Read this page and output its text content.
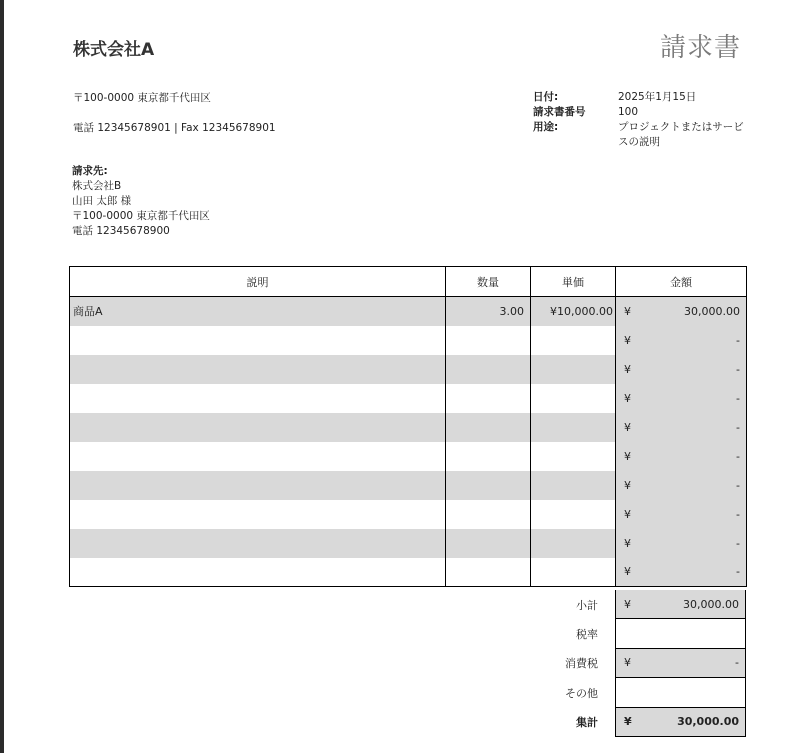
株式会社A	請求書
〒100-0000 東京都千代田区
電話 12345678901 | Fax 12345678901
日付:	2025年1月15日
請求書番号	100
用途:	プロジェクトまたはサービスの説明
請求先:
株式会社B
山田 太郎 様
〒100-0000 東京都千代田区
電話 12345678900
説明	数量	単価	金額
商品A	3.00	¥10,000.00	¥ 30,000.00

			¥ -

			¥ -

			¥ -

			¥ -

			¥ -

			¥ -

			¥ -

			¥ -

			¥ -
小計	¥	30,000.00
税率
消費税	¥	-
その他
集計	¥	30,000.00
